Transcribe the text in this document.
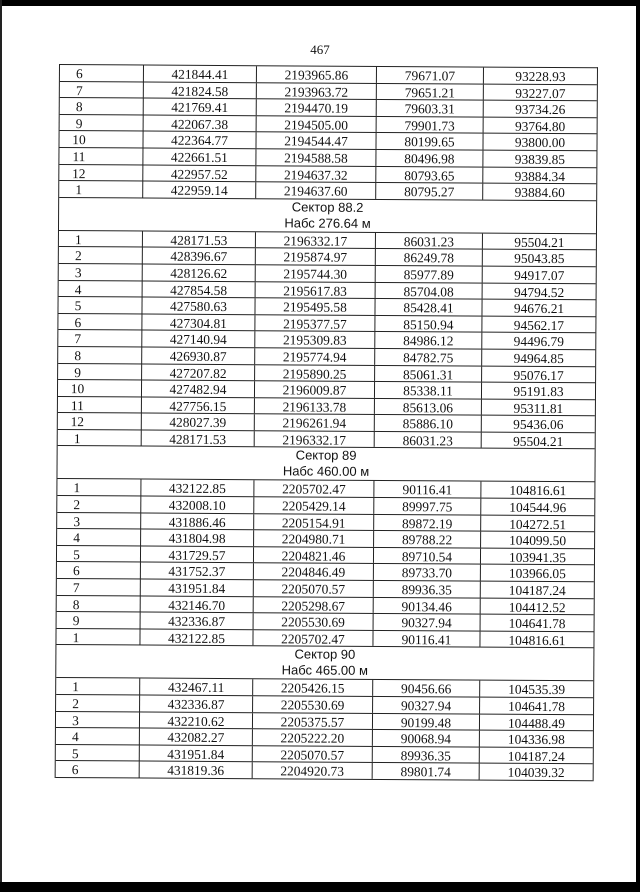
467
6	421844.41	2193965.86	79671.07	93228.93
7	421824.58	2193963.72	79651.21	93227.07
8	421769.41	2194470.19	79603.31	93734.26
9	422067.38	2194505.00	79901.73	93764.80
10	422364.77	2194544.47	80199.65	93800.00
11	422661.51	2194588.58	80496.98	93839.85
12	422957.52	2194637.32	80793.65	93884.34
1	422959.14	2194637.60	80795.27	93884.60
Сектор 88.2
Набс 276.64 м
1	428171.53	2196332.17	86031.23	95504.21
2	428396.67	2195874.97	86249.78	95043.85
3	428126.62	2195744.30	85977.89	94917.07
4	427854.58	2195617.83	85704.08	94794.52
5	427580.63	2195495.58	85428.41	94676.21
6	427304.81	2195377.57	85150.94	94562.17
7	427140.94	2195309.83	84986.12	94496.79
8	426930.87	2195774.94	84782.75	94964.85
9	427207.82	2195890.25	85061.31	95076.17
10	427482.94	2196009.87	85338.11	95191.83
11	427756.15	2196133.78	85613.06	95311.81
12	428027.39	2196261.94	85886.10	95436.06
1	428171.53	2196332.17	86031.23	95504.21
Сектор 89
Набс 460.00 м
1	432122.85	2205702.47	90116.41	104816.61
2	432008.10	2205429.14	89997.75	104544.96
3	431886.46	2205154.91	89872.19	104272.51
4	431804.98	2204980.71	89788.22	104099.50
5	431729.57	2204821.46	89710.54	103941.35
6	431752.37	2204846.49	89733.70	103966.05
7	431951.84	2205070.57	89936.35	104187.24
8	432146.70	2205298.67	90134.46	104412.52
9	432336.87	2205530.69	90327.94	104641.78
1	432122.85	2205702.47	90116.41	104816.61
Сектор 90
Набс 465.00 м
1	432467.11	2205426.15	90456.66	104535.39
2	432336.87	2205530.69	90327.94	104641.78
3	432210.62	2205375.57	90199.48	104488.49
4	432082.27	2205222.20	90068.94	104336.98
5	431951.84	2205070.57	89936.35	104187.24
6	431819.36	2204920.73	89801.74	104039.32
